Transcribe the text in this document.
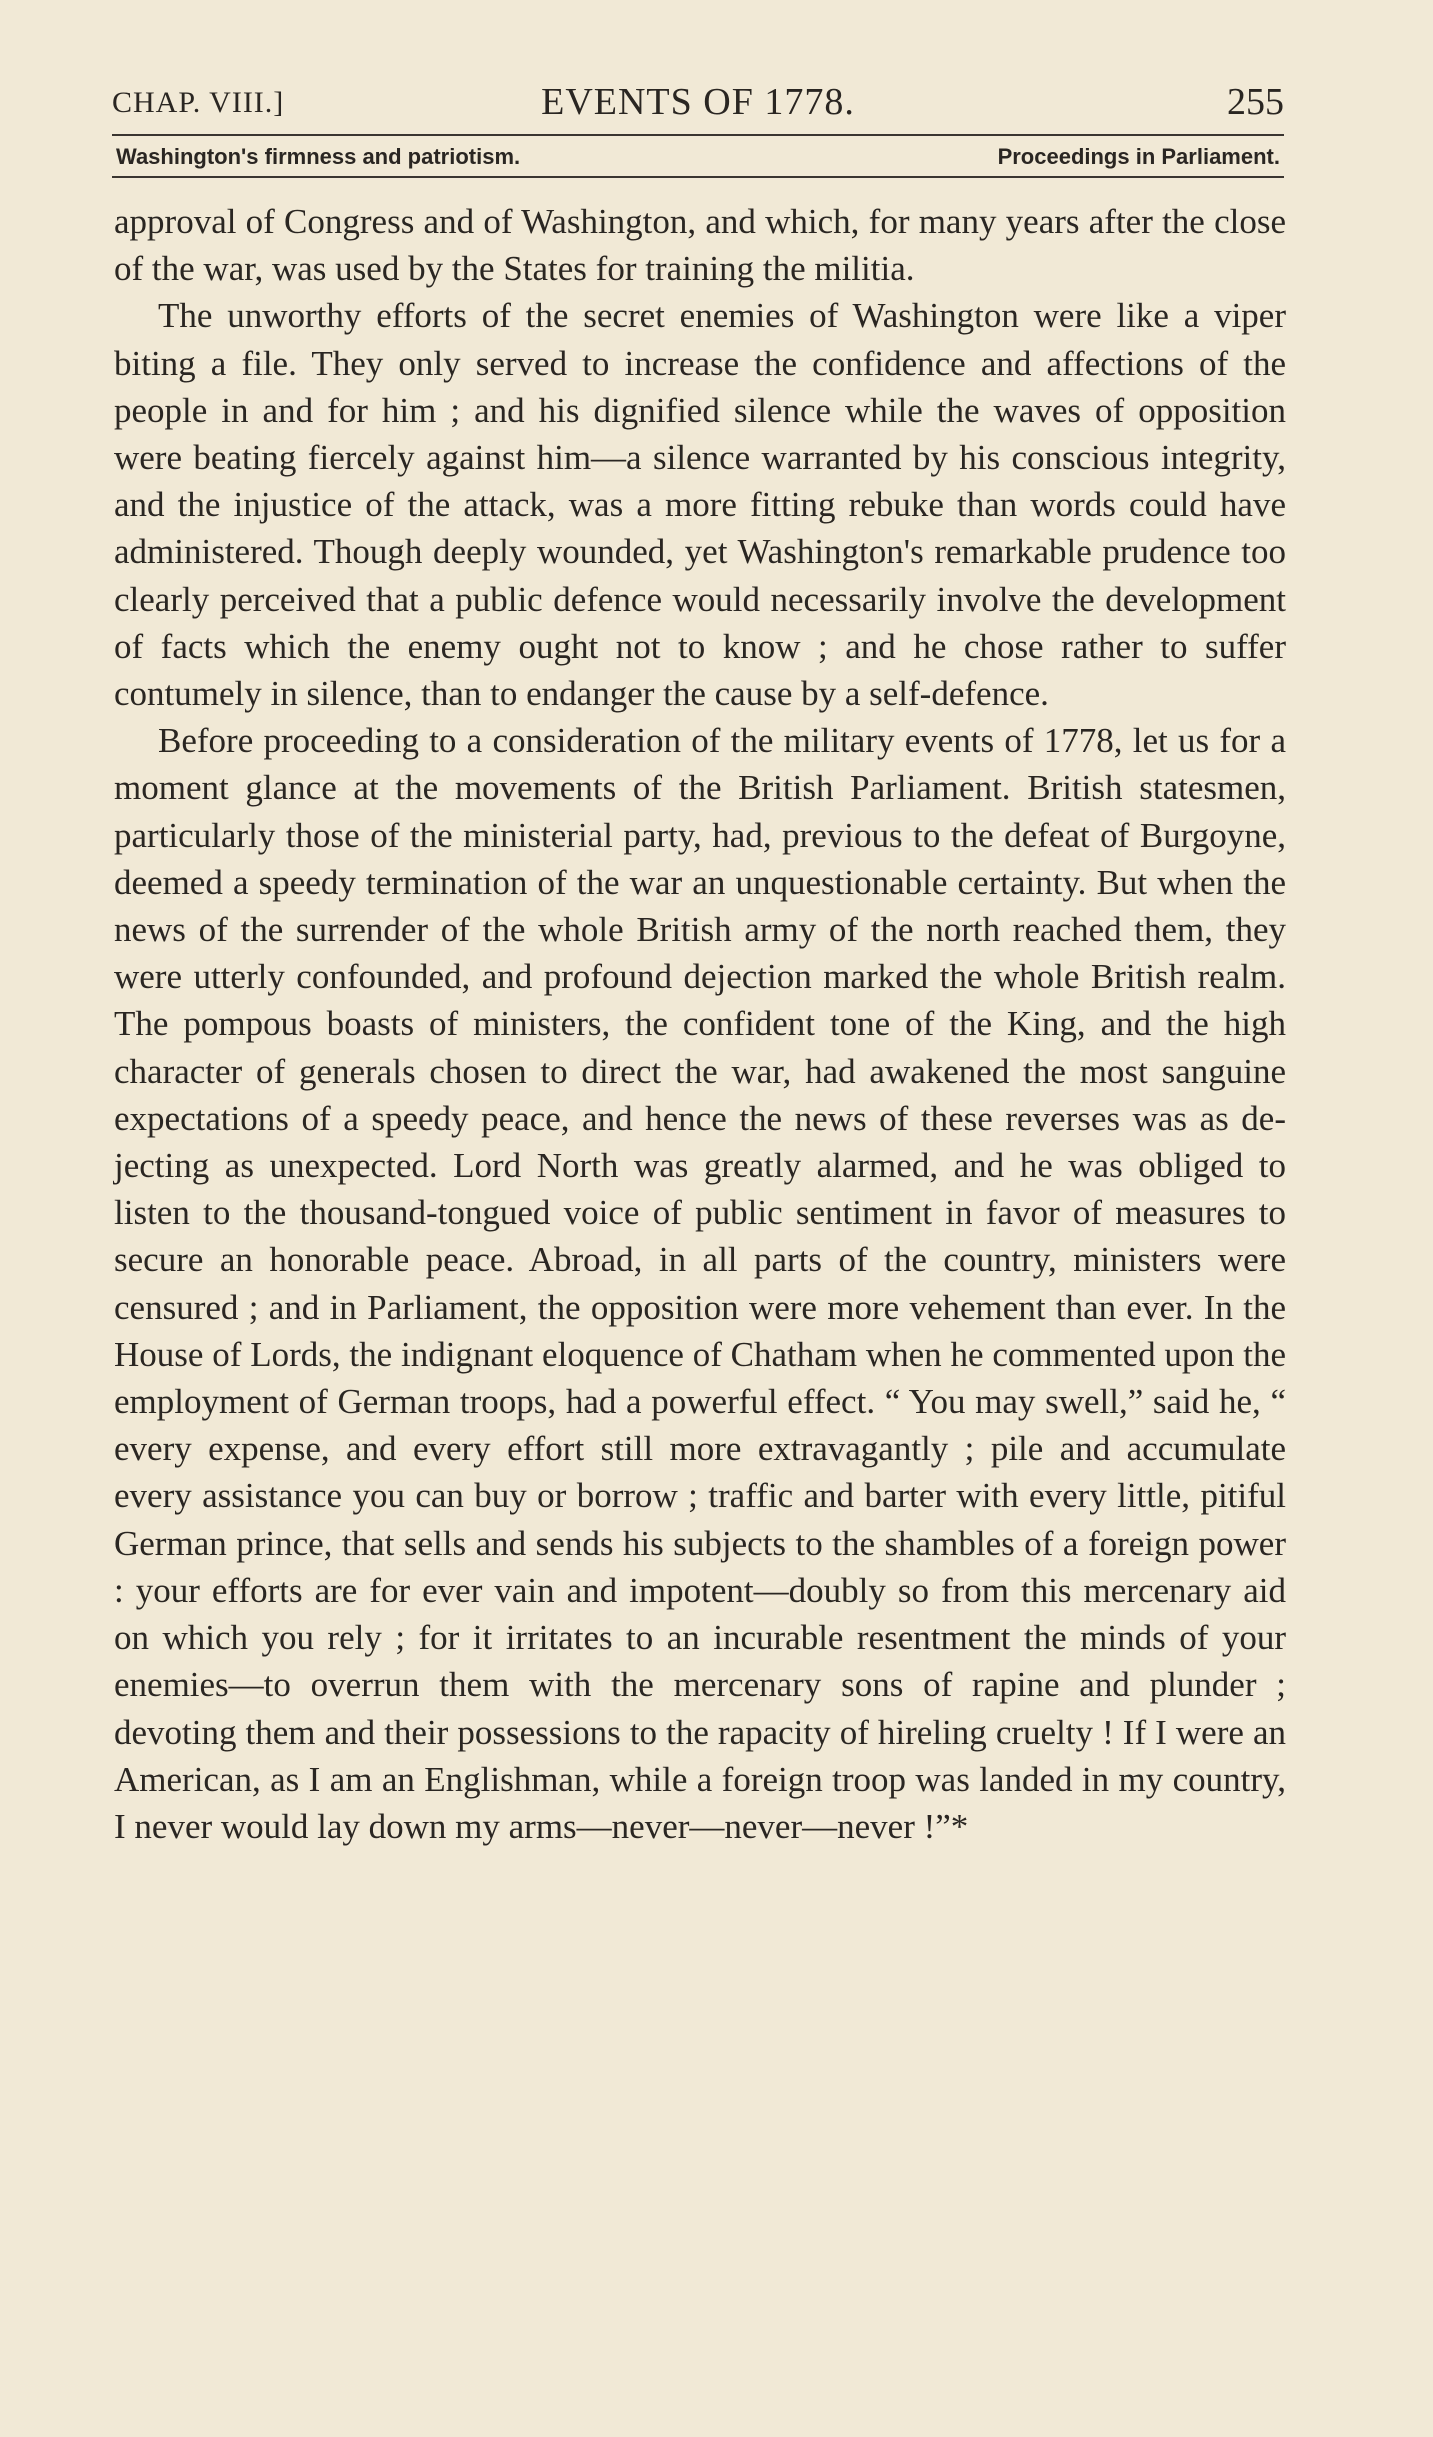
CHAP. VIII.]	EVENTS OF 1778.	255
Washington's firmness and patriotism.	Proceedings in Parliament.

approval of Congress and of Washington, and which, for many years after the close of the war, was used by the States for training the militia.

The unworthy efforts of the secret enemies of Washington were like a viper biting a file. They only served to increase the confidence and affections of the people in and for him ; and his dignified silence while the waves of opposition were beating fiercely against him—a silence warranted by his conscious integrity, and the injustice of the attack, was a more fitting rebuke than words could have administered. Though deeply wounded, yet Washington's remarkable prudence too clearly perceived that a public defence would necessarily involve the development of facts which the enemy ought not to know ; and he chose rather to suffer contumely in silence, than to endanger the cause by a self-defence.

Before proceeding to a consideration of the military events of 1778, let us for a moment glance at the movements of the British Parliament. British statesmen, particularly those of the ministerial party, had, previous to the defeat of Burgoyne, deemed a speedy termination of the war an unquestionable certainty. But when the news of the surrender of the whole British army of the north reached them, they were utterly confounded, and profound dejection marked the whole British realm. The pompous boasts of ministers, the confident tone of the King, and the high character of generals chosen to direct the war, had awakened the most sanguine expectations of a speedy peace, and hence the news of these reverses was as dejecting as unexpected. Lord North was greatly alarmed, and he was obliged to listen to the thousand-tongued voice of public sentiment in favor of measures to secure an honorable peace. Abroad, in all parts of the country, ministers were censured ; and in Parliament, the opposition were more vehement than ever. In the House of Lords, the indignant eloquence of Chatham when he commented upon the employment of German troops, had a powerful effect. “ You may swell,” said he, “ every expense, and every effort still more extravagantly ; pile and accumulate every assistance you can buy or borrow ; traffic and barter with every little, pitiful German prince, that sells and sends his subjects to the shambles of a foreign power : your efforts are for ever vain and impotent—doubly so from this mercenary aid on which you rely ; for it irritates to an incurable resentment the minds of your enemies—to overrun them with the mercenary sons of rapine and plunder ; devoting them and their possessions to the rapacity of hireling cruelty ! If I were an American, as I am an Englishman, while a foreign troop was landed in my country, I never would lay down my arms—never—never—never !”*
